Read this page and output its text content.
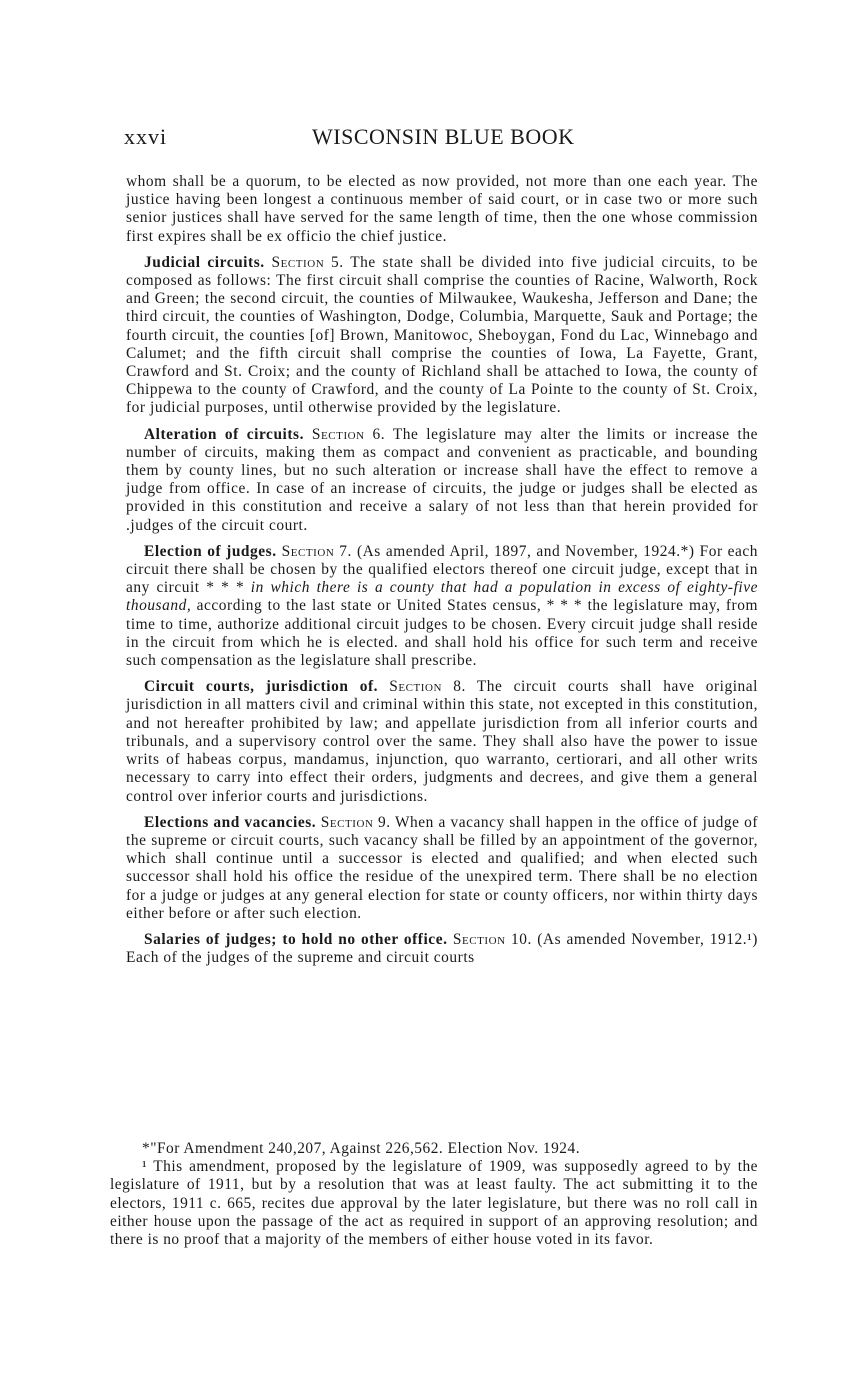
xxvi	WISCONSIN BLUE BOOK

whom shall be a quorum, to be elected as now provided, not more than one each year. The justice having been longest a continuous member of said court, or in case two or more such senior justices shall have served for the same length of time, then the one whose commission first expires shall be ex officio the chief justice.

Judicial circuits. Section 5. The state shall be divided into five judicial circuits, to be composed as follows: The first circuit shall comprise the counties of Racine, Walworth, Rock and Green; the second circuit, the counties of Milwaukee, Waukesha, Jefferson and Dane; the third circuit, the counties of Washington, Dodge, Columbia, Marquette, Sauk and Portage; the fourth circuit, the counties [of] Brown, Manitowoc, Sheboygan, Fond du Lac, Winnebago and Calumet; and the fifth circuit shall comprise the counties of Iowa, La Fayette, Grant, Crawford and St. Croix; and the county of Richland shall be attached to Iowa, the county of Chippewa to the county of Crawford, and the county of La Pointe to the county of St. Croix, for judicial purposes, until otherwise provided by the legislature.

Alteration of circuits. Section 6. The legislature may alter the limits or increase the number of circuits, making them as compact and convenient as practicable, and bounding them by county lines, but no such alteration or increase shall have the effect to remove a judge from office. In case of an increase of circuits, the judge or judges shall be elected as provided in this constitution and receive a salary of not less than that herein provided for .judges of the circuit court.

Election of judges. Section 7. (As amended April, 1897, and November, 1924.*) For each circuit there shall be chosen by the qualified electors thereof one circuit judge, except that in any circuit * * * in which there is a county that had a population in excess of eighty-five thousand, according to the last state or United States census, * * * the legislature may, from time to time, authorize additional circuit judges to be chosen. Every circuit judge shall reside in the circuit from which he is elected. and shall hold his office for such term and receive such compensation as the legislature shall prescribe.

Circuit courts, jurisdiction of. Section 8. The circuit courts shall have original jurisdiction in all matters civil and criminal within this state, not excepted in this constitution, and not hereafter prohibited by law; and appellate jurisdiction from all inferior courts and tribunals, and a supervisory control over the same. They shall also have the power to issue writs of habeas corpus, mandamus, injunction, quo warranto, certiorari, and all other writs necessary to carry into effect their orders, judgments and decrees, and give them a general control over inferior courts and jurisdictions.

Elections and vacancies. Section 9. When a vacancy shall happen in the office of judge of the supreme or circuit courts, such vacancy shall be filled by an appointment of the governor, which shall continue until a successor is elected and qualified; and when elected such successor shall hold his office the residue of the unexpired term. There shall be no election for a judge or judges at any general election for state or county officers, nor within thirty days either before or after such election.

Salaries of judges; to hold no other office. Section 10. (As amended November, 1912.¹) Each of the judges of the supreme and circuit courts

*"For Amendment 240,207, Against 226,562. Election Nov. 1924.

¹ This amendment, proposed by the legislature of 1909, was supposedly agreed to by the legislature of 1911, but by a resolution that was at least faulty. The act submitting it to the electors, 1911 c. 665, recites due approval by the later legislature, but there was no roll call in either house upon the passage of the act as required in support of an approving resolution; and there is no proof that a majority of the members of either house voted in its favor.
